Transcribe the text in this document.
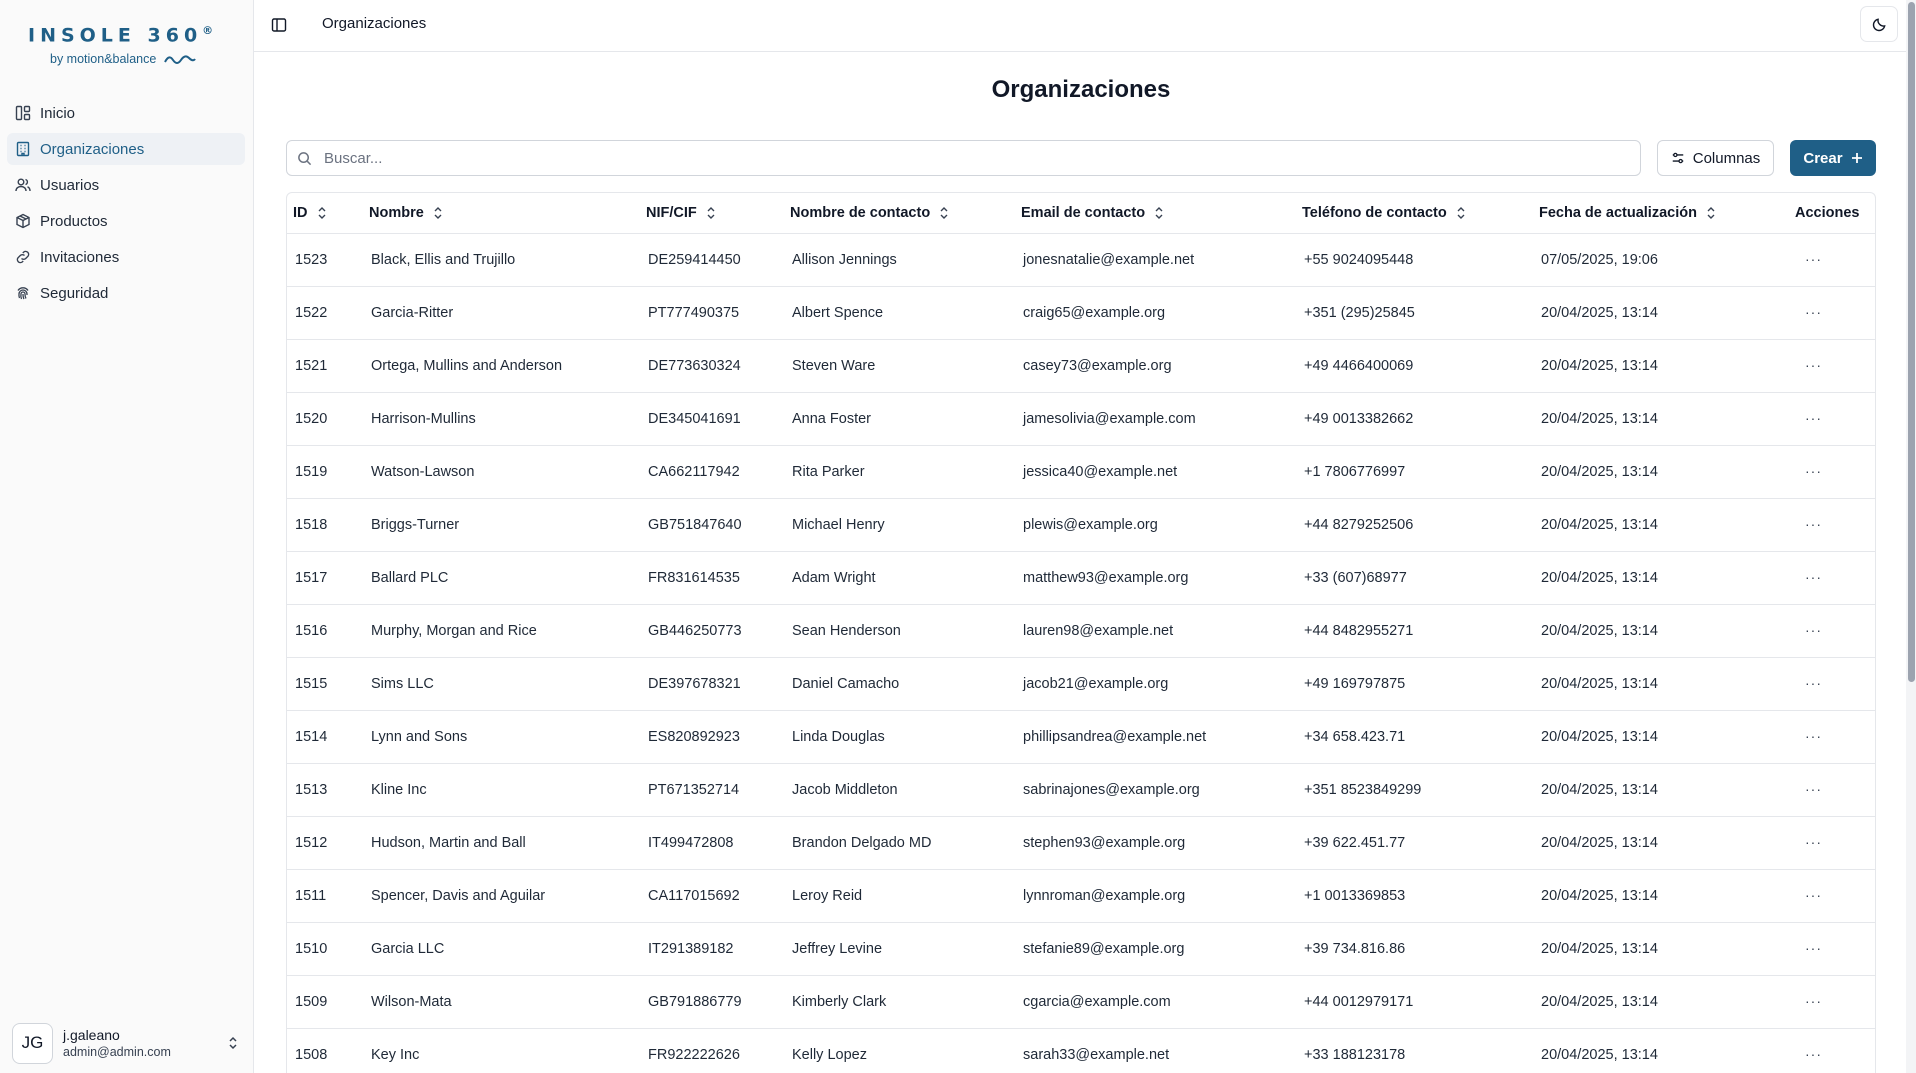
INSOLE 360®
by motion&balance
Inicio
Organizaciones
Usuarios
Productos
Invitaciones
Seguridad
JG	j.galeano
admin@admin.com
Organizaciones
Organizaciones
Buscar...
Columnas	Crear
ID	Nombre	NIF/CIF	Nombre de contacto	Email de contacto	Teléfono de contacto	Fecha de actualización	Acciones
1523	Black, Ellis and Trujillo	DE259414450	Allison Jennings	jonesnatalie@example.net	+55 9024095448	07/05/2025, 19:06	···
1522	Garcia-Ritter	PT777490375	Albert Spence	craig65@example.org	+351 (295)25845	20/04/2025, 13:14	···
1521	Ortega, Mullins and Anderson	DE773630324	Steven Ware	casey73@example.org	+49 4466400069	20/04/2025, 13:14	···
1520	Harrison-Mullins	DE345041691	Anna Foster	jamesolivia@example.com	+49 0013382662	20/04/2025, 13:14	···
1519	Watson-Lawson	CA662117942	Rita Parker	jessica40@example.net	+1 7806776997	20/04/2025, 13:14	···
1518	Briggs-Turner	GB751847640	Michael Henry	plewis@example.org	+44 8279252506	20/04/2025, 13:14	···
1517	Ballard PLC	FR831614535	Adam Wright	matthew93@example.org	+33 (607)68977	20/04/2025, 13:14	···
1516	Murphy, Morgan and Rice	GB446250773	Sean Henderson	lauren98@example.net	+44 8482955271	20/04/2025, 13:14	···
1515	Sims LLC	DE397678321	Daniel Camacho	jacob21@example.org	+49 169797875	20/04/2025, 13:14	···
1514	Lynn and Sons	ES820892923	Linda Douglas	phillipsandrea@example.net	+34 658.423.71	20/04/2025, 13:14	···
1513	Kline Inc	PT671352714	Jacob Middleton	sabrinajones@example.org	+351 8523849299	20/04/2025, 13:14	···
1512	Hudson, Martin and Ball	IT499472808	Brandon Delgado MD	stephen93@example.org	+39 622.451.77	20/04/2025, 13:14	···
1511	Spencer, Davis and Aguilar	CA117015692	Leroy Reid	lynnroman@example.org	+1 0013369853	20/04/2025, 13:14	···
1510	Garcia LLC	IT291389182	Jeffrey Levine	stefanie89@example.org	+39 734.816.86	20/04/2025, 13:14	···
1509	Wilson-Mata	GB791886779	Kimberly Clark	cgarcia@example.com	+44 0012979171	20/04/2025, 13:14	···
1508	Key Inc	FR922222626	Kelly Lopez	sarah33@example.net	+33 188123178	20/04/2025, 13:14	···
